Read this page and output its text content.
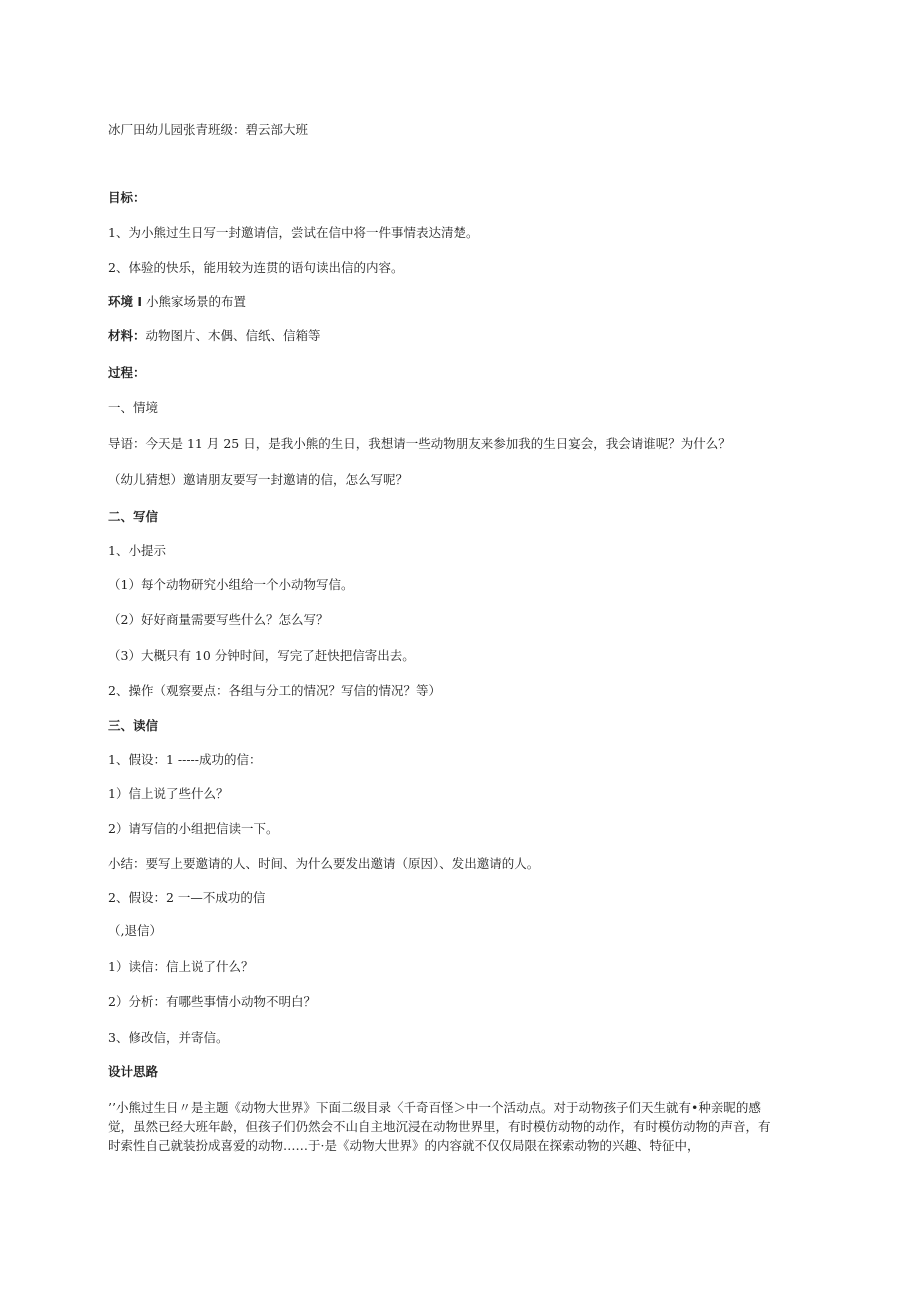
冰厂田幼儿园张青班级：碧云部大班
目标：
1、为小熊过生日写一封邀请信，尝试在信中将一件事情表达清楚。
2、体验的快乐，能用较为连贯的语句读出信的内容。
环境 I 小熊家场景的布置
材料：动物图片、木偶、信纸、信箱等
过程：
一、情境
导语：今天是 11 月 25 日，是我小熊的生日，我想请一些动物朋友来参加我的生日宴会，我会请谁呢？为什么？
（幼儿猜想）邀请朋友要写一封邀请的信，怎么写呢？
二、写信
1、小提示
（1）每个动物研究小组给一个小动物写信。
（2）好好商量需要写些什么？怎么写？
（3）大概只有 10 分钟时间，写完了赶快把信寄出去。
2、操作（观察要点：各组与分工的情况？写信的情况？等）
三、读信
1、假设：1 -----成功的信：
1）信上说了些什么？
2）请写信的小组把信读一下。
小结：要写上要邀请的人、时间、为什么要发出邀请（原因）、发出邀请的人。
2、假设：2 一—不成功的信
（,退信）
1）读信：信上说了什么？
2）分析：有哪些事情小动物不明白？
3、修改信，并寄信。
设计思路
’’小熊过生日〃是主题《动物大世界》下面二级目录〈千奇百怪＞中一个活动点。对于动物孩子们天生就有•种亲昵的感觉，虽然已经大班年龄，但孩子们仍然会不山自主地沉浸在动物世界里，有时模仿动物的动作，有时模仿动物的声音，有时索性自己就装扮成喜爱的动物……于·是《动物大世界》的内容就不仅仅局限在探索动物的兴趣、特征中，
